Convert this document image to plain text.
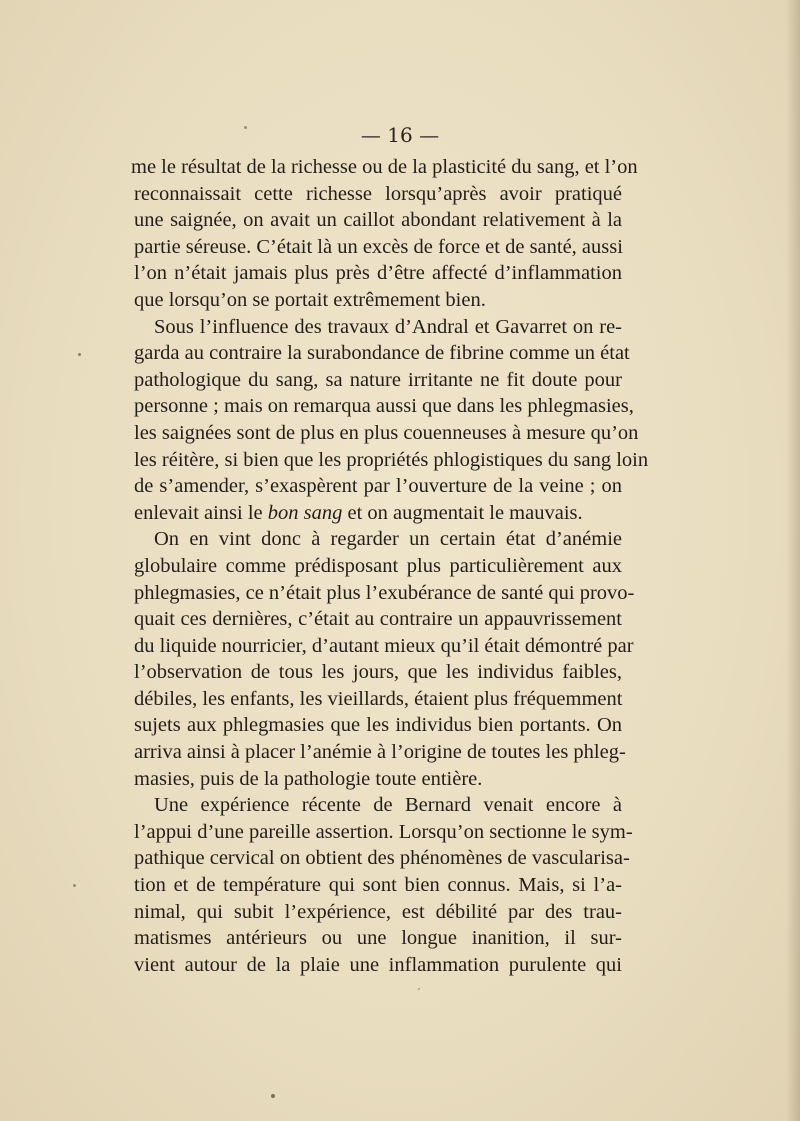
— 16 —
me le résultat de la richesse ou de la plasticité du sang, et l’on
reconnaissait cette richesse lorsqu’après avoir pratiqué
une saignée, on avait un caillot abondant relativement à la
partie séreuse. C’était là un excès de force et de santé, aussi
l’on n’était jamais plus près d’être affecté d’inflammation
que lorsqu’on se portait extrêmement bien.
Sous l’influence des travaux d’Andral et Gavarret on re-
garda au contraire la surabondance de fibrine comme un état
pathologique du sang, sa nature irritante ne fit doute pour
personne ; mais on remarqua aussi que dans les phlegmasies,
les saignées sont de plus en plus couenneuses à mesure qu’on
les réitère, si bien que les propriétés phlogistiques du sang loin
de s’amender, s’exaspèrent par l’ouverture de la veine ; on
enlevait ainsi le bon sang et on augmentait le mauvais.
On en vint donc à regarder un certain état d’anémie
globulaire comme prédisposant plus particulièrement aux
phlegmasies, ce n’était plus l’exubérance de santé qui provo-
quait ces dernières, c’était au contraire un appauvrissement
du liquide nourricier, d’autant mieux qu’il était démontré par
l’observation de tous les jours, que les individus faibles,
débiles, les enfants, les vieillards, étaient plus fréquemment
sujets aux phlegmasies que les individus bien portants. On
arriva ainsi à placer l’anémie à l’origine de toutes les phleg-
masies, puis de la pathologie toute entière.
Une expérience récente de Bernard venait encore à
l’appui d’une pareille assertion. Lorsqu’on sectionne le sym-
pathique cervical on obtient des phénomènes de vascularisa-
tion et de température qui sont bien connus. Mais, si l’a-
nimal, qui subit l’expérience, est débilité par des trau-
matismes antérieurs ou une longue inanition, il sur-
vient autour de la plaie une inflammation purulente qui
